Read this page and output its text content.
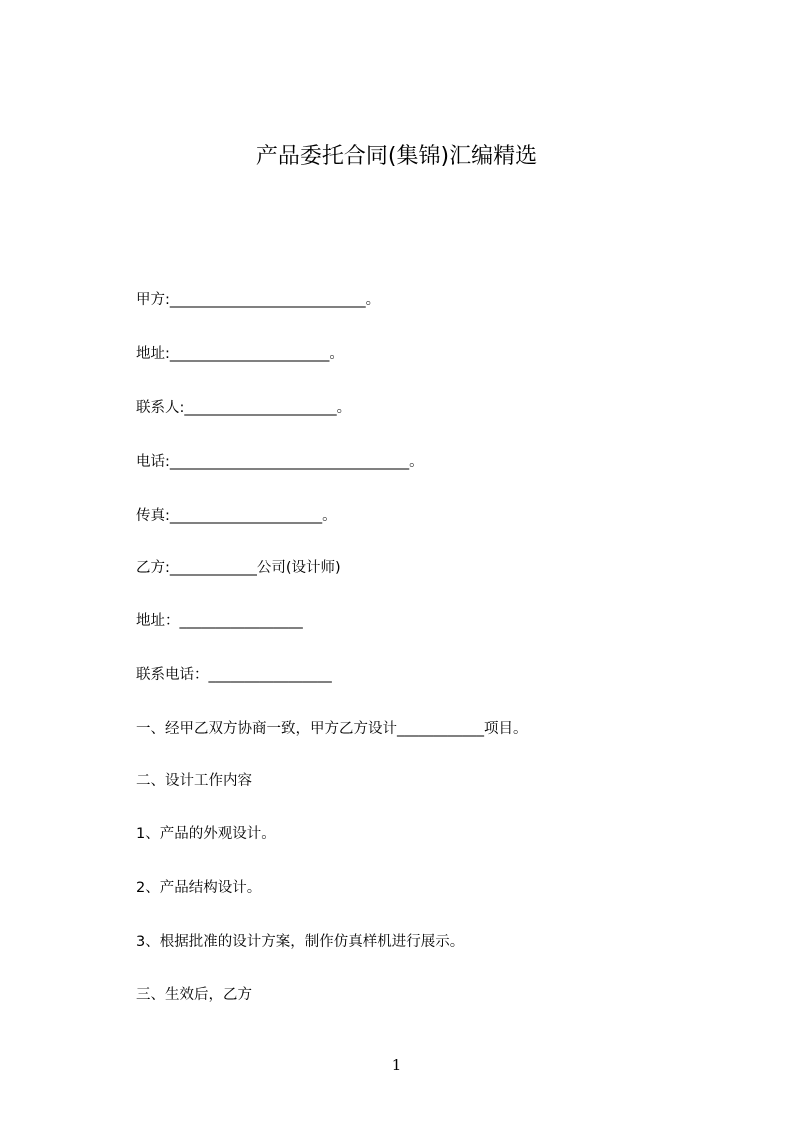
产品委托合同(集锦)汇编精选

甲方:___________________________。

地址:______________________。

联系人:_____________________。

电话:_________________________________。

传真:_____________________。

乙方:____________公司(设计师)

地址：_________________

联系电话：_________________

一、经甲乙双方协商一致，甲方乙方设计____________项目。

二、设计工作内容

1、产品的外观设计。

2、产品结构设计。

3、根据批准的设计方案，制作仿真样机进行展示。

三、生效后，乙方

1
